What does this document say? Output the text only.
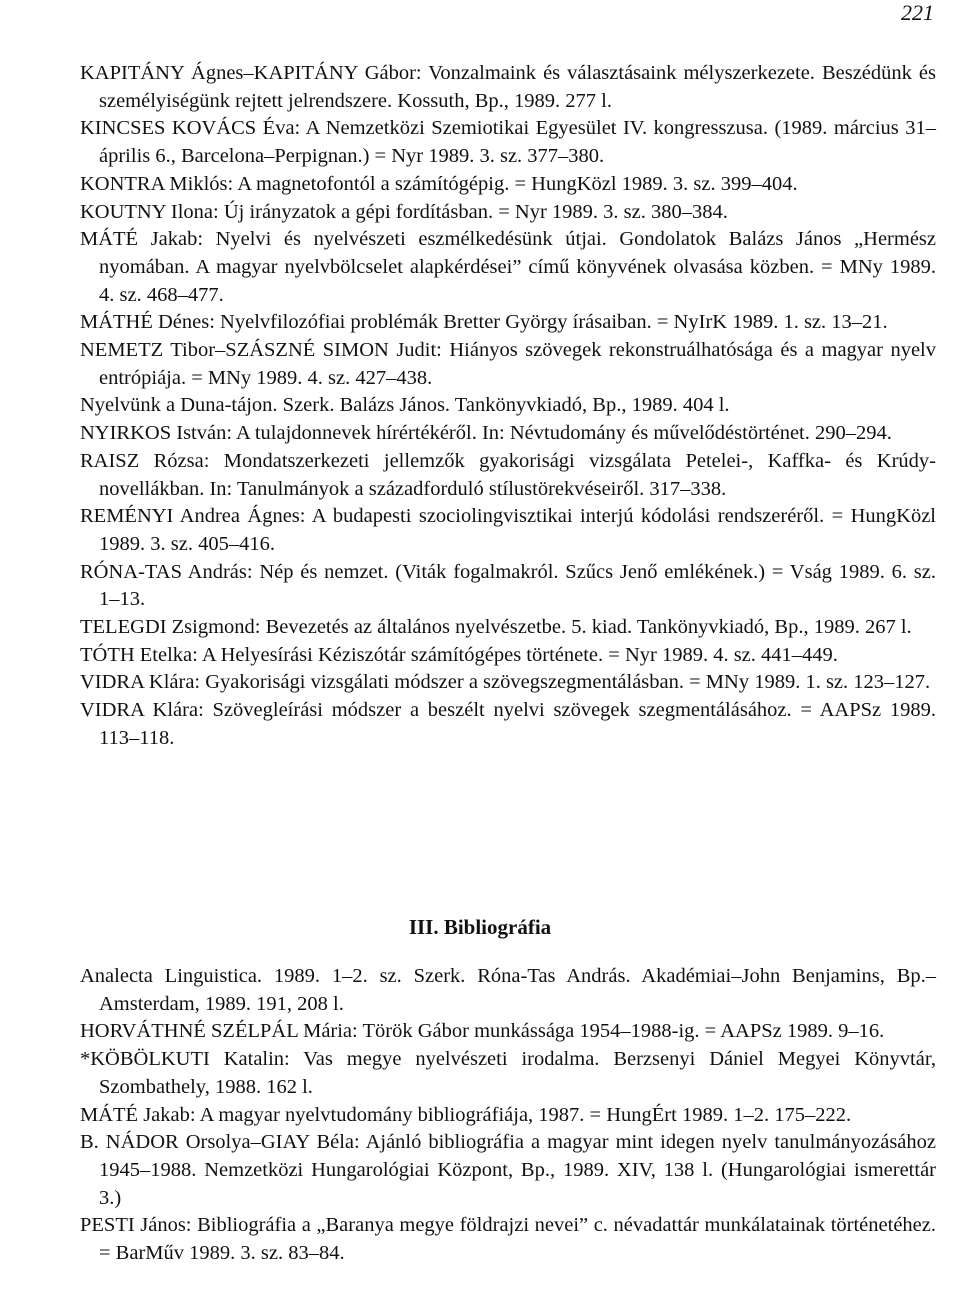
221
KAPITÁNY Ágnes–KAPITÁNY Gábor: Vonzalmaink és választásaink mélyszerkezete. Beszédünk és személyiségünk rejtett jelrendszere. Kossuth, Bp., 1989. 277 l.
KINCSES KOVÁCS Éva: A Nemzetközi Szemiotikai Egyesület IV. kongresszusa. (1989. március 31–április 6., Barcelona–Perpignan.) = Nyr 1989. 3. sz. 377–380.
KONTRA Miklós: A magnetofontól a számítógépig. = HungKözl 1989. 3. sz. 399–404.
KOUTNY Ilona: Új irányzatok a gépi fordításban. = Nyr 1989. 3. sz. 380–384.
MÁTÉ Jakab: Nyelvi és nyelvészeti eszmélkedésünk útjai. Gondolatok Balázs János „Hermész nyomában. A magyar nyelvbölcselet alapkérdései” című könyvének olvasása közben. = MNy 1989. 4. sz. 468–477.
MÁTHÉ Dénes: Nyelvfilozófiai problémák Bretter György írásaiban. = NyIrK 1989. 1. sz. 13–21.
NEMETZ Tibor–SZÁSZNÉ SIMON Judit: Hiányos szövegek rekonstruálhatósága és a magyar nyelv entrópiája. = MNy 1989. 4. sz. 427–438.
Nyelvünk a Duna-tájon. Szerk. Balázs János. Tankönyvkiadó, Bp., 1989. 404 l.
NYIRKOS István: A tulajdonnevek hírértékéről. In: Névtudomány és művelődéstörténet. 290–294.
RAISZ Rózsa: Mondatszerkezeti jellemzők gyakorisági vizsgálata Petelei-, Kaffka- és Krúdy-novellákban. In: Tanulmányok a századforduló stílustörekvéseiről. 317–338.
REMÉNYI Andrea Ágnes: A budapesti szociolingvisztikai interjú kódolási rendszeréről. = HungKözl 1989. 3. sz. 405–416.
RÓNA-TAS András: Nép és nemzet. (Viták fogalmakról. Szűcs Jenő emlékének.) = Vság 1989. 6. sz. 1–13.
TELEGDI Zsigmond: Bevezetés az általános nyelvészetbe. 5. kiad. Tankönyvkiadó, Bp., 1989. 267 l.
TÓTH Etelka: A Helyesírási Kéziszótár számítógépes története. = Nyr 1989. 4. sz. 441–449.
VIDRA Klára: Gyakorisági vizsgálati módszer a szövegszegmentálásban. = MNy 1989. 1. sz. 123–127.
VIDRA Klára: Szövegleírási módszer a beszélt nyelvi szövegek szegmentálásához. = AAPSz 1989. 113–118.
III. Bibliográfia
Analecta Linguistica. 1989. 1–2. sz. Szerk. Róna-Tas András. Akadémiai–John Benjamins, Bp.–Amsterdam, 1989. 191, 208 l.
HORVÁTHNÉ SZÉLPÁL Mária: Török Gábor munkássága 1954–1988-ig. = AAPSz 1989. 9–16.
*KÖBÖLKUTI Katalin: Vas megye nyelvészeti irodalma. Berzsenyi Dániel Megyei Könyvtár, Szombathely, 1988. 162 l.
MÁTÉ Jakab: A magyar nyelvtudomány bibliográfiája, 1987. = HungÉrt 1989. 1–2. 175–222.
B. NÁDOR Orsolya–GIAY Béla: Ajánló bibliográfia a magyar mint idegen nyelv tanulmányozásához 1945–1988. Nemzetközi Hungarológiai Központ, Bp., 1989. XIV, 138 l. (Hungarológiai ismerettár 3.)
PESTI János: Bibliográfia a „Baranya megye földrajzi nevei” c. névadattár munkálatainak történetéhez. = BarMűv 1989. 3. sz. 83–84.
